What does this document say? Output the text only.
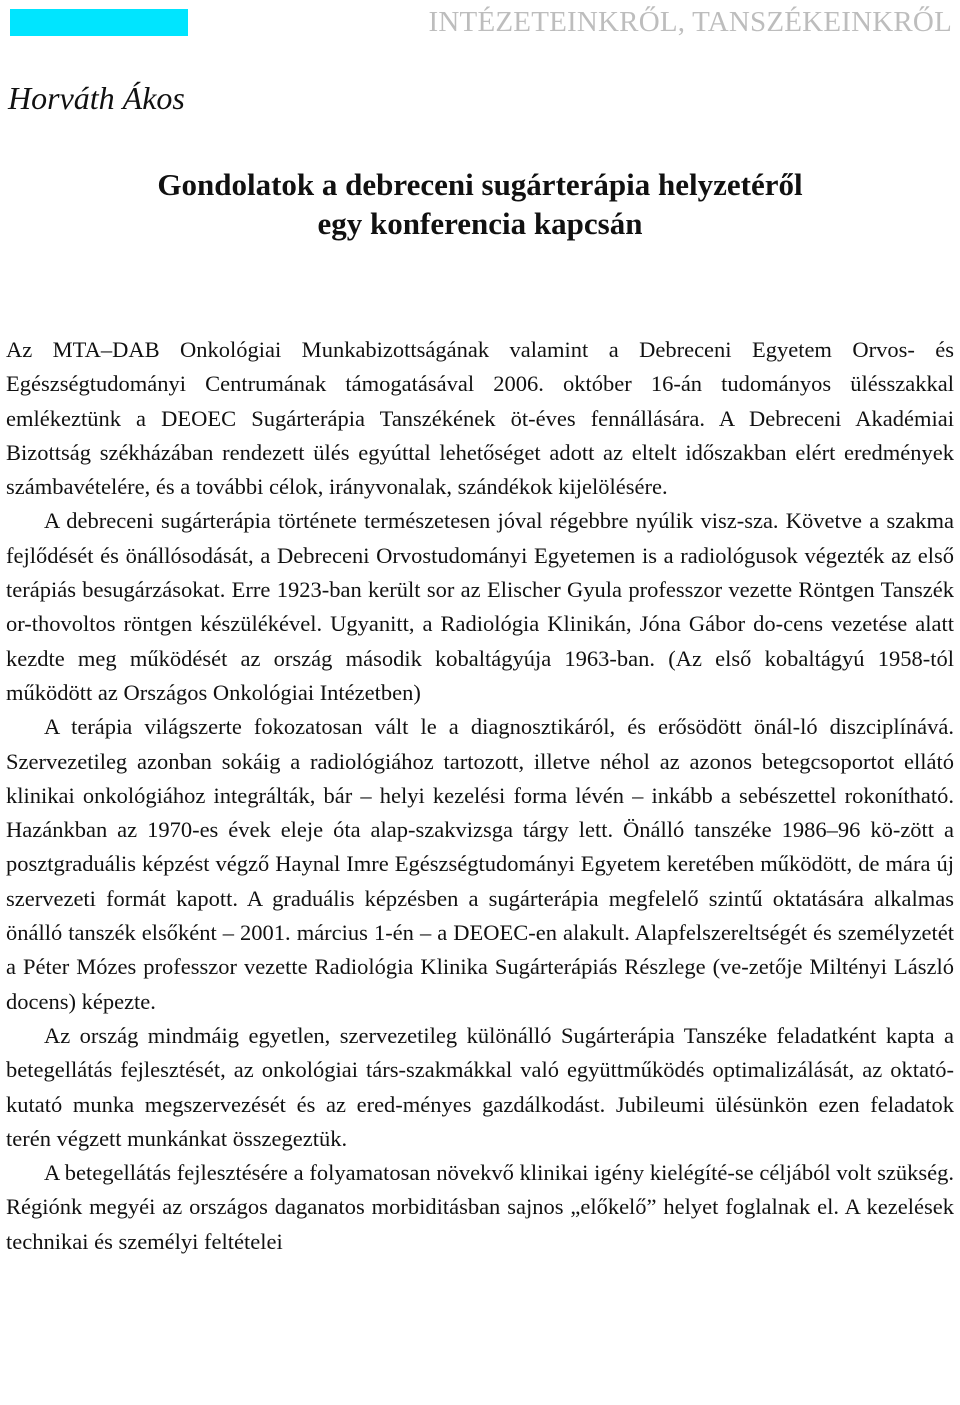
INTÉZETEINKRŐL, TANSZÉKEINKRŐL
Horváth Ákos
Gondolatok a debreceni sugárterápia helyzetéről
egy konferencia kapcsán

Az MTA–DAB Onkológiai Munkabizottságának valamint a Debreceni Egyetem Orvos- és Egészségtudományi Centrumának támogatásával 2006. október 16-án tudományos ülésszakkal emlékeztünk a DEOEC Sugárterápia Tanszékének öt-éves fennállására. A Debreceni Akadémiai Bizottság székházában rendezett ülés egyúttal lehetőséget adott az eltelt időszakban elért eredmények számbavételére, és a további célok, irányvonalak, szándékok kijelölésére.

A debreceni sugárterápia története természetesen jóval régebbre nyúlik visz-sza. Követve a szakma fejlődését és önállósodását, a Debreceni Orvostudományi Egyetemen is a radiológusok végezték az első terápiás besugárzásokat. Erre 1923-ban került sor az Elischer Gyula professzor vezette Röntgen Tanszék or-thovoltos röntgen készülékével. Ugyanitt, a Radiológia Klinikán, Jóna Gábor do-cens vezetése alatt kezdte meg működését az ország második kobaltágyúja 1963-ban. (Az első kobaltágyú 1958-tól működött az Országos Onkológiai Intézetben)

A terápia világszerte fokozatosan vált le a diagnosztikáról, és erősödött önál-ló diszciplínává. Szervezetileg azonban sokáig a radiológiához tartozott, illetve néhol az azonos betegcsoportot ellátó klinikai onkológiához integrálták, bár – helyi kezelési forma lévén – inkább a sebészettel rokonítható. Hazánkban az 1970-es évek eleje óta alap-szakvizsga tárgy lett. Önálló tanszéke 1986–96 kö-zött a posztgraduális képzést végző Haynal Imre Egészségtudományi Egyetem keretében működött, de mára új szervezeti formát kapott. A graduális képzésben a sugárterápia megfelelő szintű oktatására alkalmas önálló tanszék elsőként – 2001. március 1-én – a DEOEC-en alakult. Alapfelszereltségét és személyzetét a Péter Mózes professzor vezette Radiológia Klinika Sugárterápiás Részlege (ve-zetője Miltényi László docens) képezte.

Az ország mindmáig egyetlen, szervezetileg különálló Sugárterápia Tanszéke feladatként kapta a betegellátás fejlesztését, az onkológiai társ-szakmákkal való együttműködés optimalizálását, az oktató-kutató munka megszervezését és az ered-ményes gazdálkodást. Jubileumi ülésünkön ezen feladatok terén végzett munkánkat összegeztük.

A betegellátás fejlesztésére a folyamatosan növekvő klinikai igény kielégíté-se céljából volt szükség. Régiónk megyéi az országos daganatos morbiditásban sajnos „előkelő” helyet foglalnak el. A kezelések technikai és személyi feltételei
